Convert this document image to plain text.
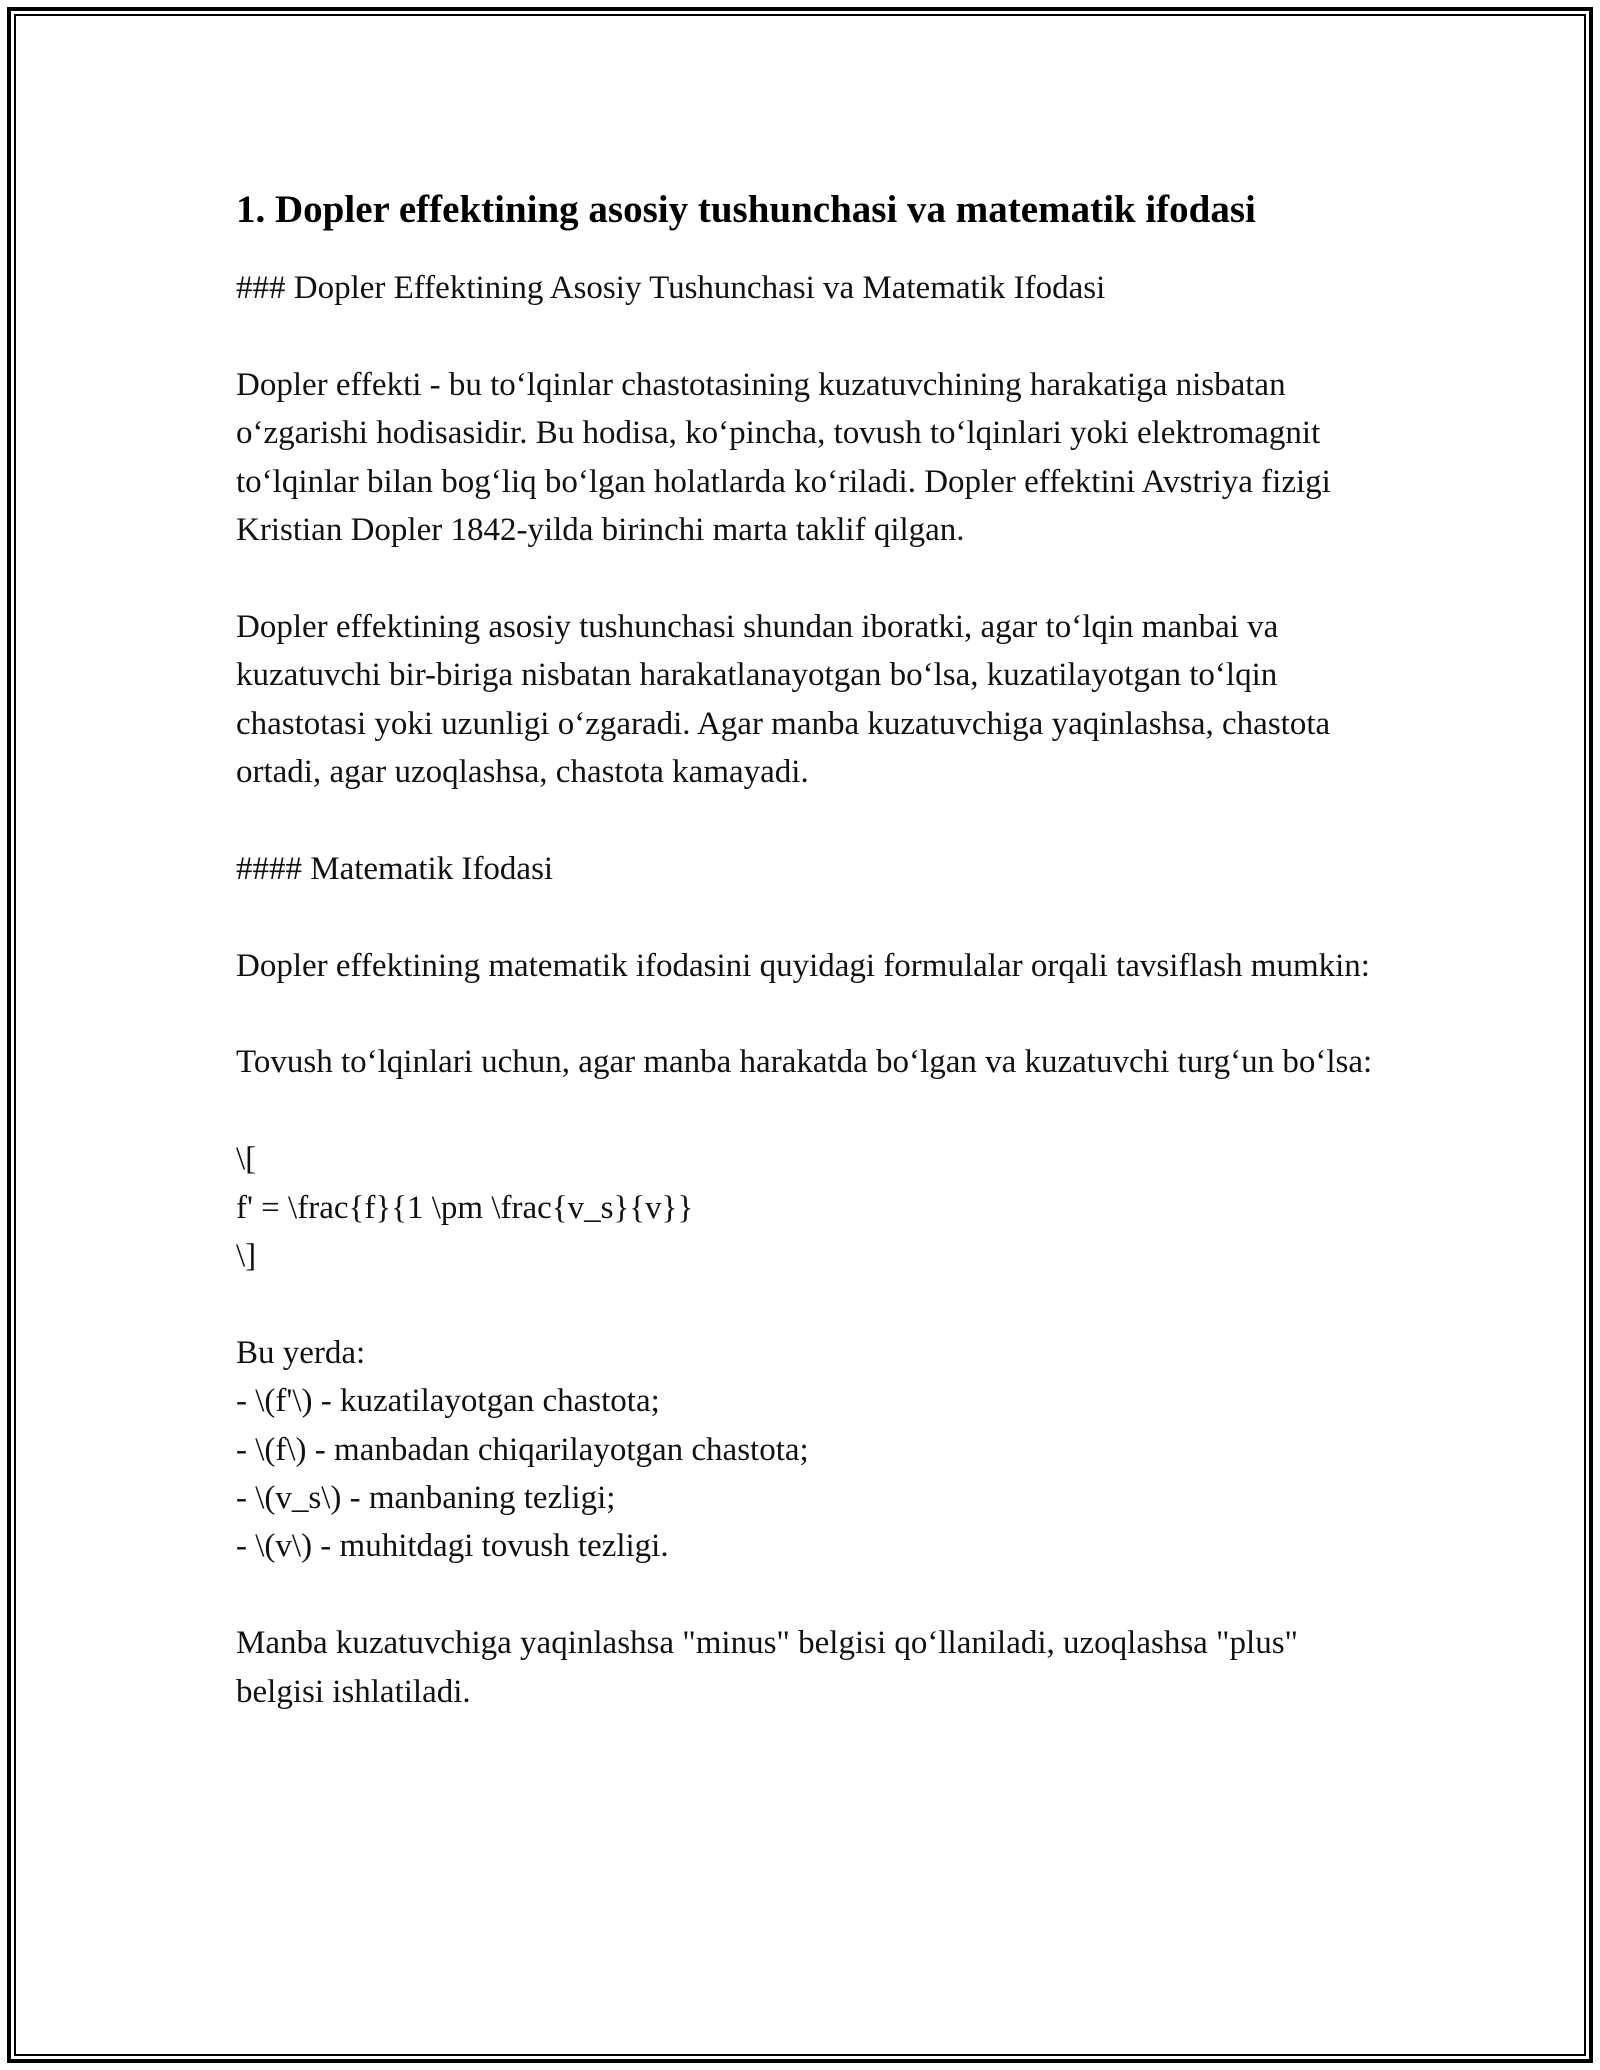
1. Dopler effektining asosiy tushunchasi va matematik ifodasi
### Dopler Effektining Asosiy Tushunchasi va Matematik Ifodasi
Dopler effekti - bu to‘lqinlar chastotasining kuzatuvchining harakatiga nisbatan o‘zgarishi hodisasidir. Bu hodisa, ko‘pincha, tovush to‘lqinlari yoki elektromagnit to‘lqinlar bilan bog‘liq bo‘lgan holatlarda ko‘riladi. Dopler effektini Avstriya fizigi Kristian Dopler 1842-yilda birinchi marta taklif qilgan.
Dopler effektining asosiy tushunchasi shundan iboratki, agar to‘lqin manbai va kuzatuvchi bir-biriga nisbatan harakatlanayotgan bo‘lsa, kuzatilayotgan to‘lqin chastotasi yoki uzunligi o‘zgaradi. Agar manba kuzatuvchiga yaqinlashsa, chastota ortadi, agar uzoqlashsa, chastota kamayadi.
#### Matematik Ifodasi
Dopler effektining matematik ifodasini quyidagi formulalar orqali tavsiflash mumkin:
Tovush to‘lqinlari uchun, agar manba harakatda bo‘lgan va kuzatuvchi turg‘un bo‘lsa:
\[
f' = \frac{f}{1 \pm \frac{v_s}{v}}
\]
Bu yerda:
- \(f'\) - kuzatilayotgan chastota;
- \(f\) - manbadan chiqarilayotgan chastota;
- \(v_s\) - manbaning tezligi;
- \(v\) - muhitdagi tovush tezligi.
Manba kuzatuvchiga yaqinlashsa "minus" belgisi qo‘llaniladi, uzoqlashsa "plus" belgisi ishlatiladi.
